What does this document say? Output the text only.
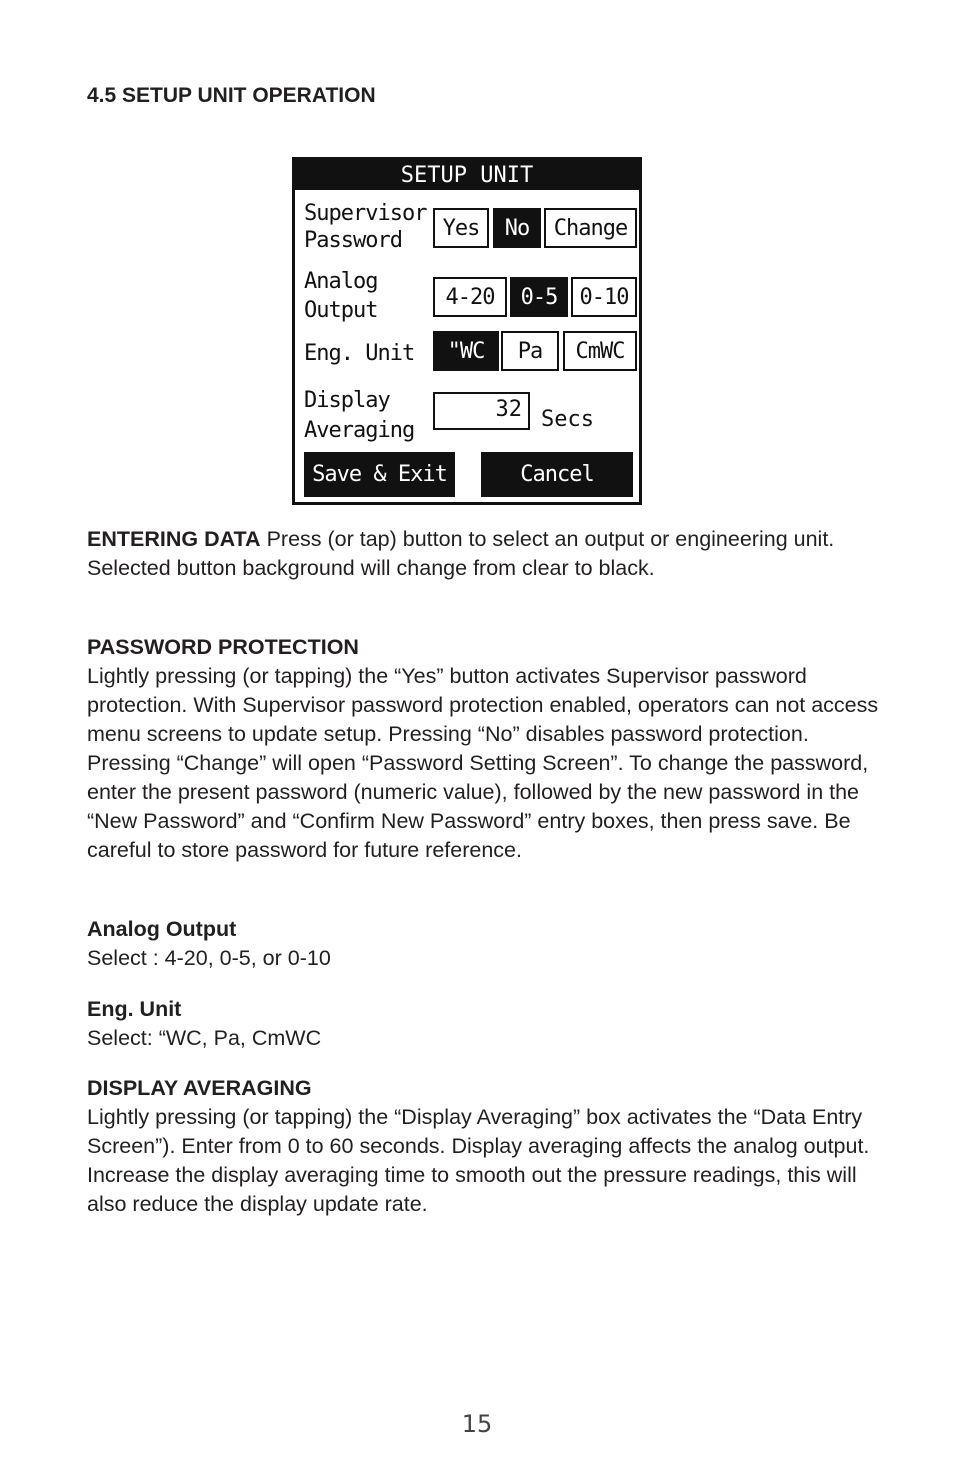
4.5 SETUP UNIT OPERATION
SETUP UNIT
Supervisor
Password	Yes	No	Change
Analog
Output
4-20	0-5	0-10
Eng. Unit	"WC	Pa	CmWC
Display
Averaging
32 Secs
Save & Exit	Cancel

ENTERING DATA Press (or tap) button to select an output or engineering unit. Selected button background will change from clear to black.

PASSWORD PROTECTION

Lightly pressing (or tapping) the “Yes” button activates Supervisor password protection. With Supervisor password protection enabled, operators can not access menu screens to update setup. Pressing “No” disables password protection. Pressing “Change” will open “Password Setting Screen”. To change the password, enter the present password (numeric value), followed by the new password in the “New Password” and “Confirm New Password” entry boxes, then press save. Be careful to store password for future reference.

Analog Output

Select : 4-20, 0-5, or 0-10

Eng. Unit

Select: “WC, Pa, CmWC

DISPLAY AVERAGING

Lightly pressing (or tapping) the “Display Averaging” box activates the “Data Entry Screen”). Enter from 0 to 60 seconds. Display averaging affects the analog output. Increase the display averaging time to smooth out the pressure readings, this will also reduce the display update rate.

15
